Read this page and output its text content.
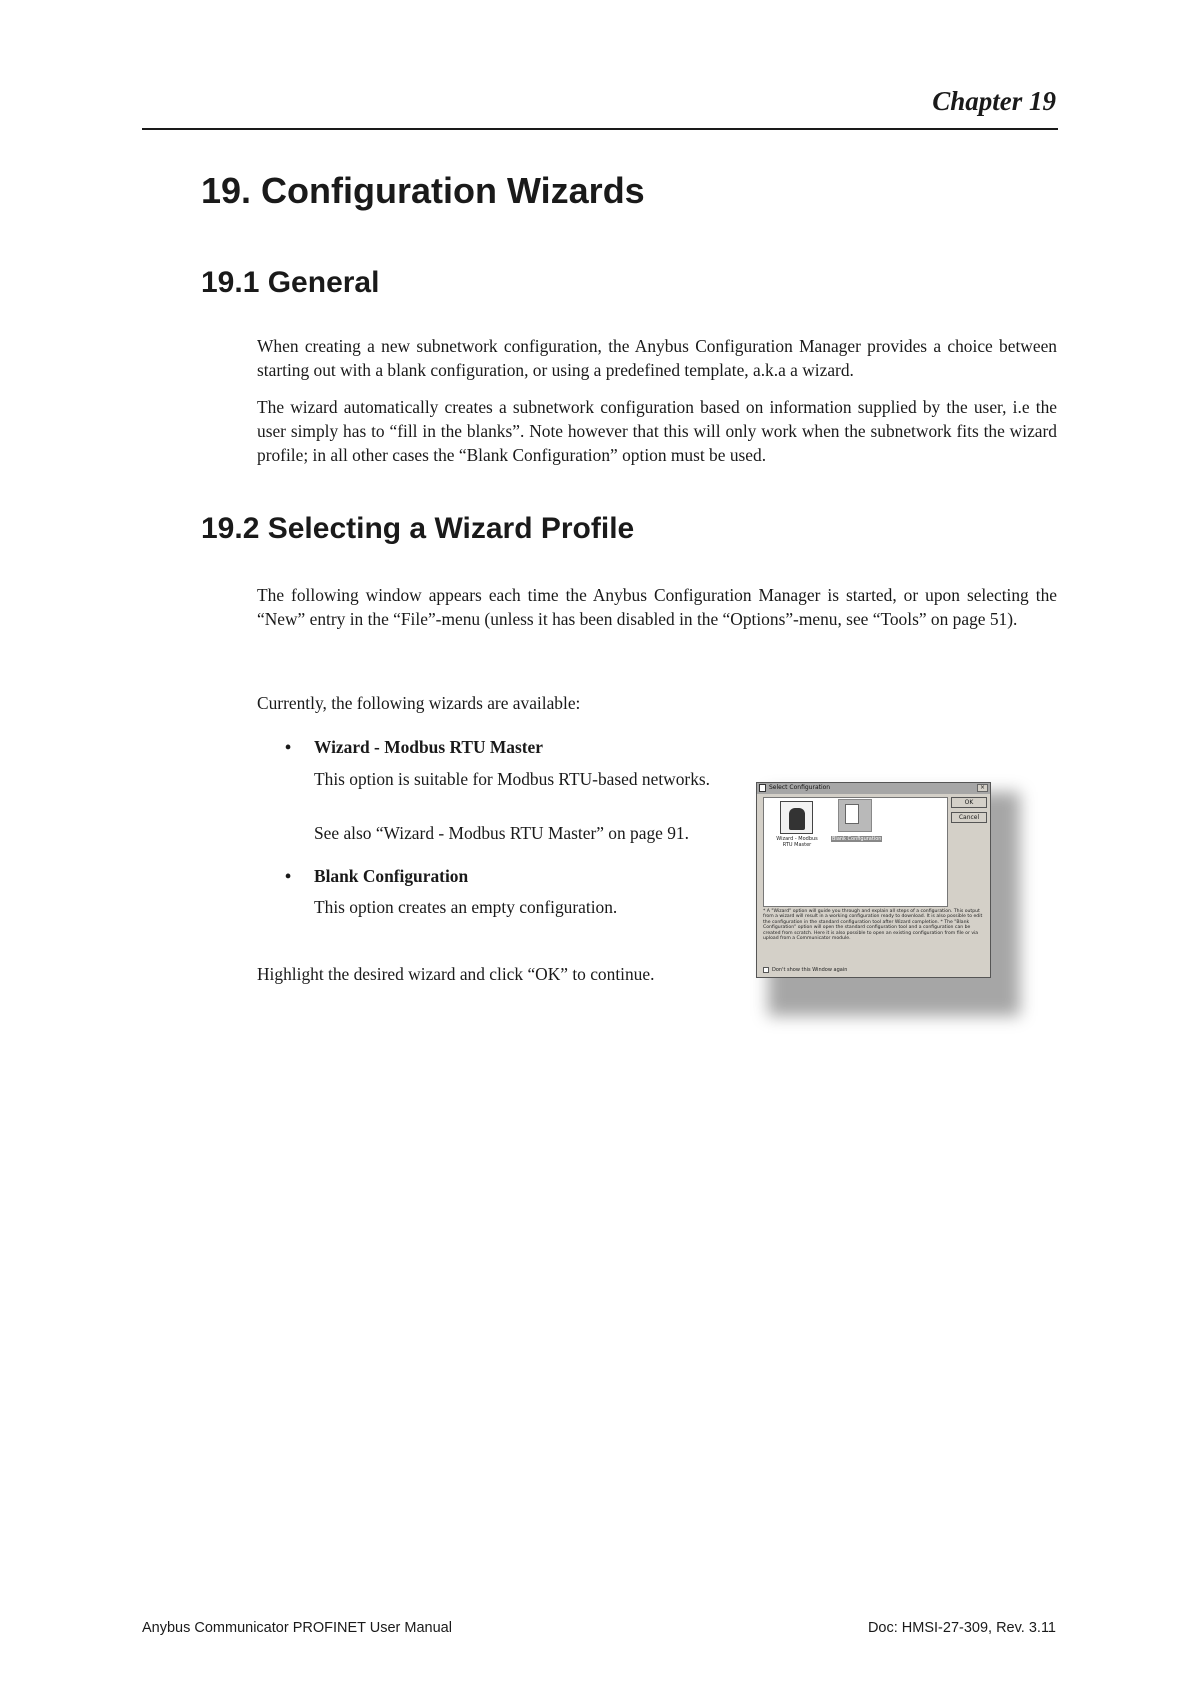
Chapter 19
19. Configuration Wizards
19.1 General

When creating a new subnetwork configuration, the Anybus Configuration Manager provides a choice between starting out with a blank configuration, or using a predefined template, a.k.a a wizard.

The wizard automatically creates a subnetwork configuration based on information supplied by the user, i.e the user simply has to “fill in the blanks”. Note however that this will only work when the subnetwork fits the wizard profile; in all other cases the “Blank Configuration” option must be used.

19.2 Selecting a Wizard Profile

The following window appears each time the Anybus Configuration Manager is started, or upon selecting the “New” entry in the “File”-menu (unless it has been disabled in the “Options”-menu, see “Tools” on page 51).

Currently, the following wizards are available:

• Wizard - Modbus RTU Master

This option is suitable for Modbus RTU-based networks.

See also “Wizard - Modbus RTU Master” on page 91.

• Blank Configuration

This option creates an empty configuration.

Highlight the desired wizard and click “OK” to continue.

Select Configuration	×
Wizard - Modbus RTU Master
Blank Configuration
OK
Cancel

* A "Wizard" option will guide you through and explain all steps of a configuration. This output from a wizard will result in a working configuration ready to download. It is also possible to edit the configuration in the standard configuration tool after Wizard completion. * The "Blank Configuration" option will open the standard configuration tool and a configuration can be created from scratch. Here it is also possible to open an existing configuration from file or via upload from a Communicator module.

Don't show this Window again
Anybus Communicator PROFINET User Manual	Doc: HMSI-27-309, Rev. 3.11
